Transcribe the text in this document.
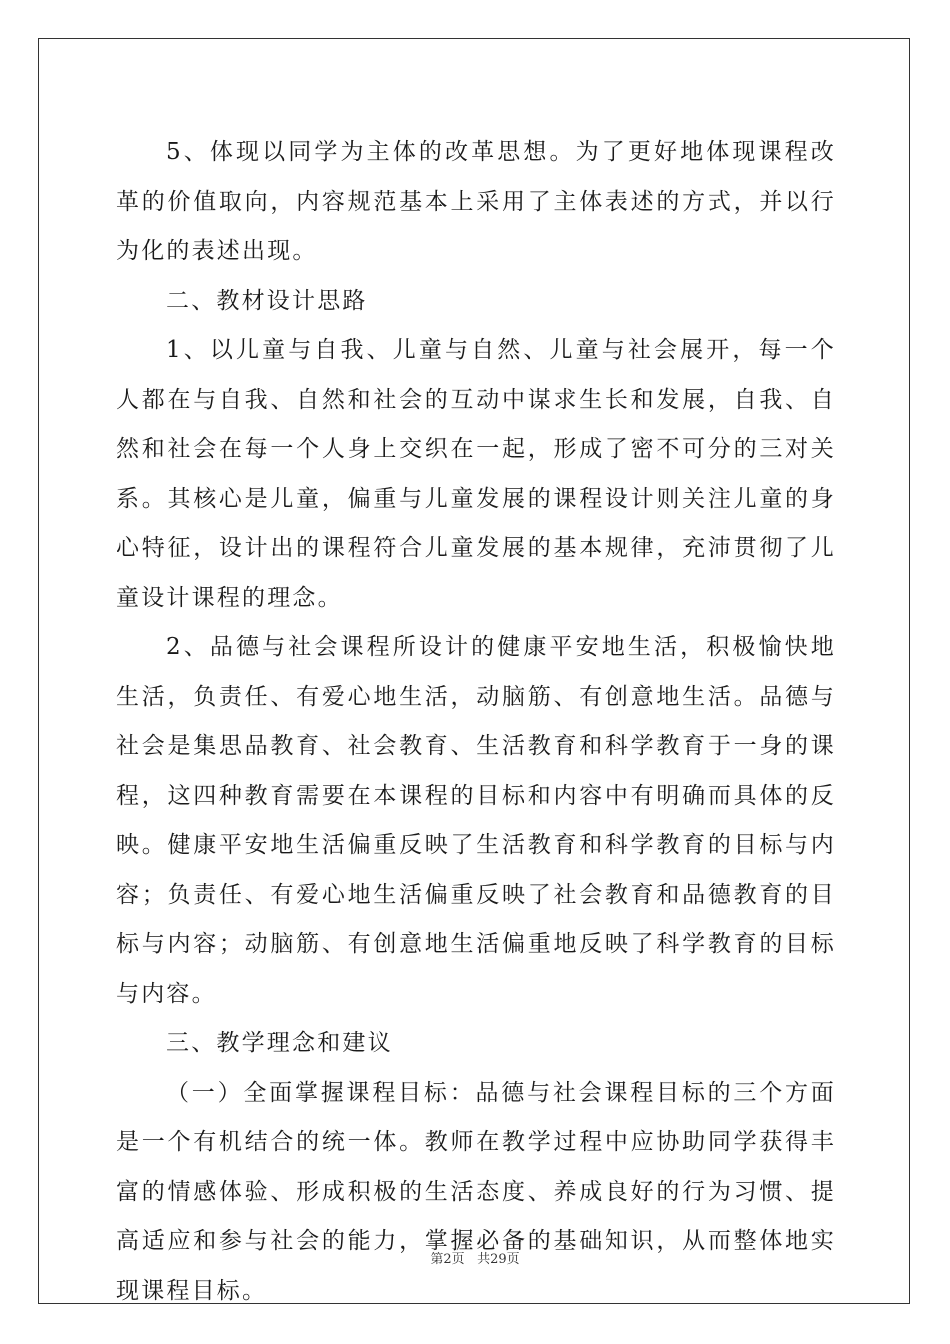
5、体现以同学为主体的改革思想。为了更好地体现课程改革的价值取向，内容规范基本上采用了主体表述的方式，并以行为化的表述出现。

二、教材设计思路

1、以儿童与自我、儿童与自然、儿童与社会展开，每一个人都在与自我、自然和社会的互动中谋求生长和发展，自我、自然和社会在每一个人身上交织在一起，形成了密不可分的三对关系。其核心是儿童，偏重与儿童发展的课程设计则关注儿童的身心特征，设计出的课程符合儿童发展的基本规律，充沛贯彻了儿童设计课程的理念。

2、品德与社会课程所设计的健康平安地生活，积极愉快地生活，负责任、有爱心地生活，动脑筋、有创意地生活。品德与社会是集思品教育、社会教育、生活教育和科学教育于一身的课程，这四种教育需要在本课程的目标和内容中有明确而具体的反映。健康平安地生活偏重反映了生活教育和科学教育的目标与内容；负责任、有爱心地生活偏重反映了社会教育和品德教育的目标与内容；动脑筋、有创意地生活偏重地反映了科学教育的目标与内容。

三、教学理念和建议

（一）全面掌握课程目标：品德与社会课程目标的三个方面是一个有机结合的统一体。教师在教学过程中应协助同学获得丰富的情感体验、形成积极的生活态度、养成良好的行为习惯、提高适应和参与社会的能力，掌握必备的基础知识，从而整体地实现课程目标。

第2页 共29页
